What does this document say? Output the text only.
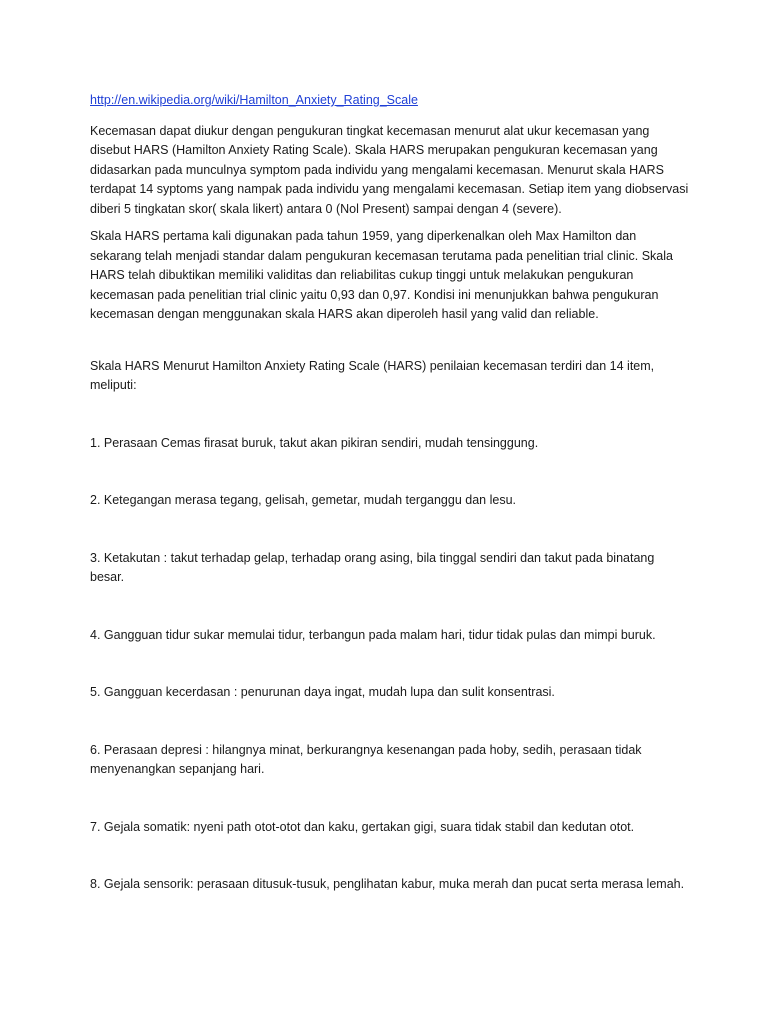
http://en.wikipedia.org/wiki/Hamilton_Anxiety_Rating_Scale

Kecemasan dapat diukur dengan pengukuran tingkat kecemasan menurut alat ukur kecemasan yang disebut HARS (Hamilton Anxiety Rating Scale). Skala HARS merupakan pengukuran kecemasan yang didasarkan pada munculnya symptom pada individu yang mengalami kecemasan. Menurut skala HARS terdapat 14 syptoms yang nampak pada individu yang mengalami kecemasan. Setiap item yang diobservasi diberi 5 tingkatan skor( skala likert) antara 0 (Nol Present) sampai dengan 4 (severe).

Skala HARS pertama kali digunakan pada tahun 1959, yang diperkenalkan oleh Max Hamilton dan sekarang telah menjadi standar dalam pengukuran kecemasan terutama pada penelitian trial clinic. Skala HARS telah dibuktikan memiliki validitas dan reliabilitas cukup tinggi untuk melakukan pengukuran kecemasan pada penelitian trial clinic yaitu 0,93 dan 0,97. Kondisi ini menunjukkan bahwa pengukuran kecemasan dengan menggunakan skala HARS akan diperoleh hasil yang valid dan reliable.

Skala HARS Menurut Hamilton Anxiety Rating Scale (HARS) penilaian kecemasan terdiri dan 14 item, meliputi:

1. Perasaan Cemas firasat buruk, takut akan pikiran sendiri, mudah tensinggung.

2. Ketegangan merasa tegang, gelisah, gemetar, mudah terganggu dan lesu.

3. Ketakutan : takut terhadap gelap, terhadap orang asing, bila tinggal sendiri dan takut pada binatang besar.

4. Gangguan tidur sukar memulai tidur, terbangun pada malam hari, tidur tidak pulas dan mimpi buruk.

5. Gangguan kecerdasan : penurunan daya ingat, mudah lupa dan sulit konsentrasi.

6. Perasaan depresi : hilangnya minat, berkurangnya kesenangan pada hoby, sedih, perasaan tidak menyenangkan sepanjang hari.

7. Gejala somatik: nyeni path otot-otot dan kaku, gertakan gigi, suara tidak stabil dan kedutan otot.

8. Gejala sensorik: perasaan ditusuk-tusuk, penglihatan kabur, muka merah dan pucat serta merasa lemah.
